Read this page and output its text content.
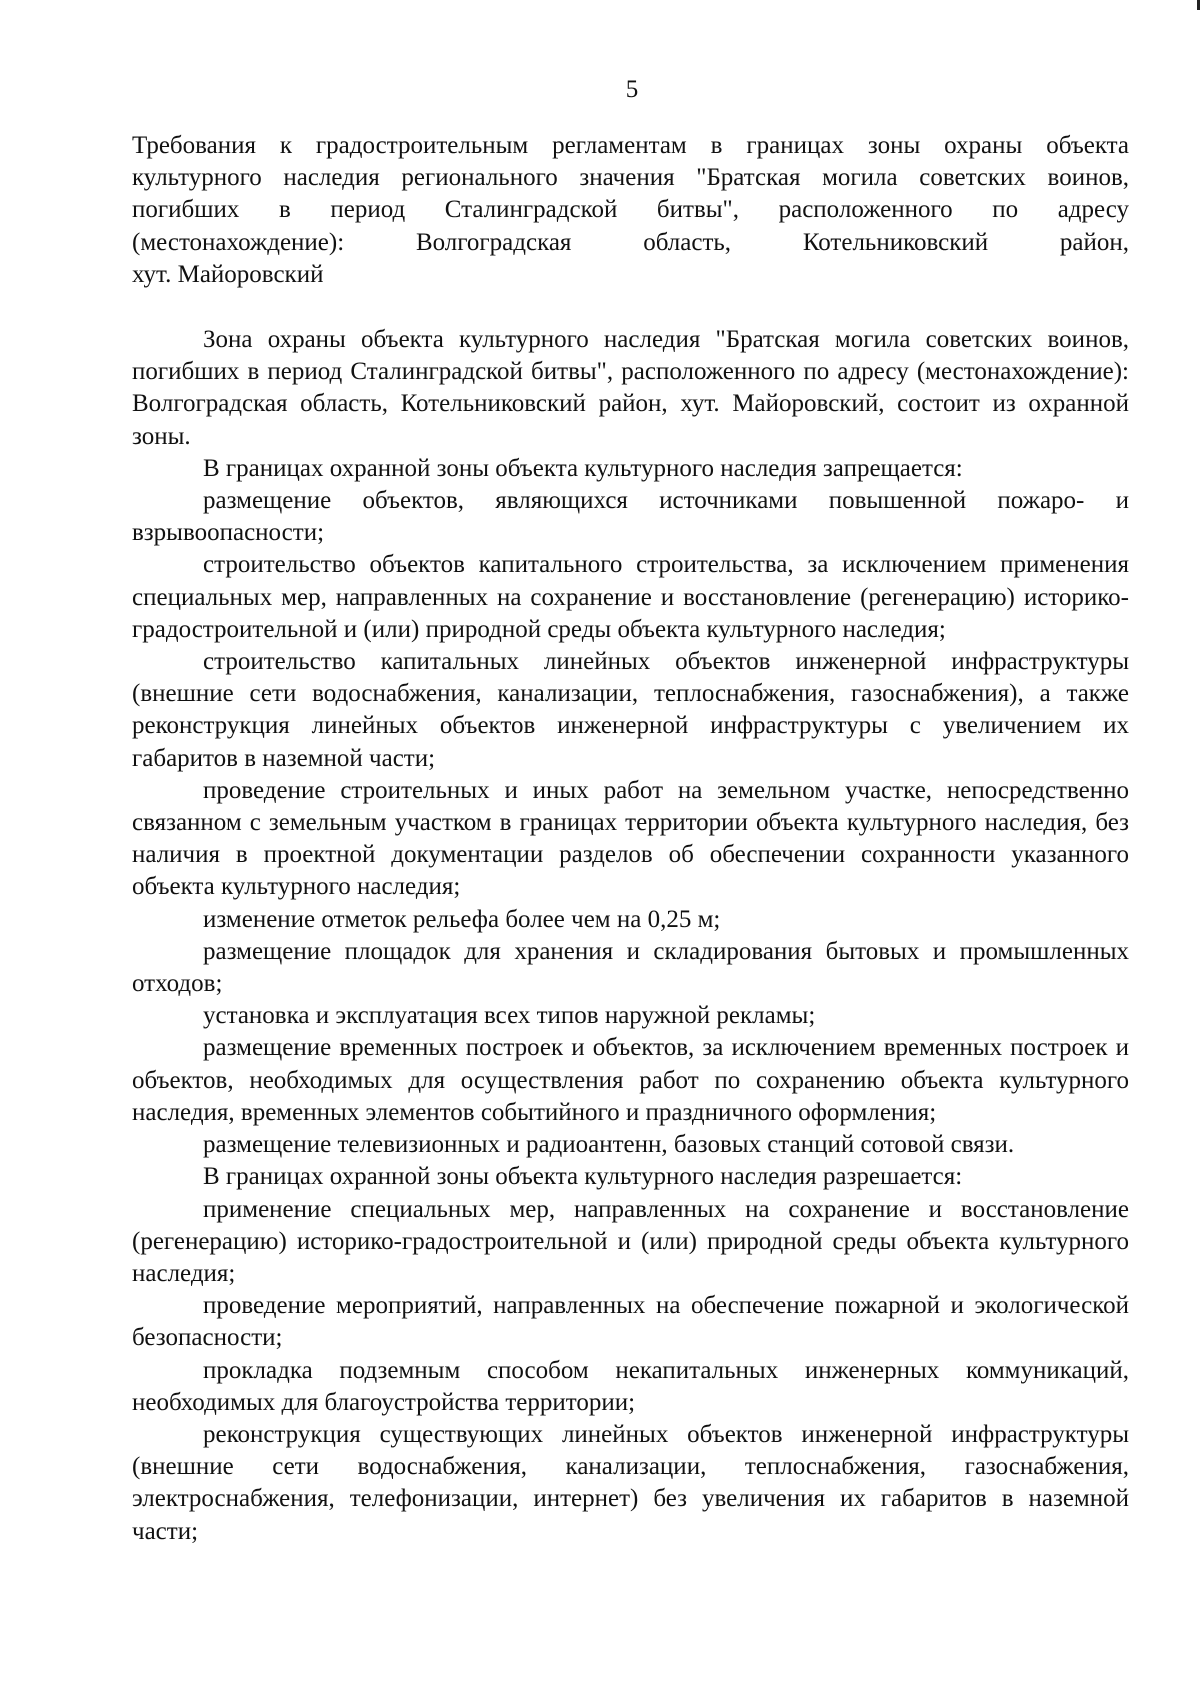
5
Требования к градостроительным регламентам в границах зоны охраны объекта
культурного наследия регионального значения "Братская могила советских воинов,
погибших в период Сталинградской битвы", расположенного по адресу
(местонахождение): Волгоградская область, Котельниковский район,
хут. Майоровский

Зона охраны объекта культурного наследия "Братская могила советских воинов, погибших в период Сталинградской битвы", расположенного по адресу (местонахождение): Волгоградская область, Котельниковский район, хут. Майоровский, состоит из охранной зоны.

В границах охранной зоны объекта культурного наследия запрещается:

размещение объектов, являющихся источниками повышенной пожаро- и взрывоопасности;

строительство объектов капитального строительства, за исключением применения специальных мер, направленных на сохранение и восстановление (регенерацию) историко-градостроительной и (или) природной среды объекта культурного наследия;

строительство капитальных линейных объектов инженерной инфраструктуры (внешние сети водоснабжения, канализации, теплоснабжения, газоснабжения), а также реконструкция линейных объектов инженерной инфраструктуры с увеличением их габаритов в наземной части;

проведение строительных и иных работ на земельном участке, непосредственно связанном с земельным участком в границах территории объекта культурного наследия, без наличия в проектной документации разделов об обеспечении сохранности указанного объекта культурного наследия;

изменение отметок рельефа более чем на 0,25 м;

размещение площадок для хранения и складирования бытовых и промышленных отходов;

установка и эксплуатация всех типов наружной рекламы;

размещение временных построек и объектов, за исключением временных построек и объектов, необходимых для осуществления работ по сохранению объекта культурного наследия, временных элементов событийного и праздничного оформления;

размещение телевизионных и радиоантенн, базовых станций сотовой связи.

В границах охранной зоны объекта культурного наследия разрешается:

применение специальных мер, направленных на сохранение и восстановление (регенерацию) историко-градостроительной и (или) природной среды объекта культурного наследия;

проведение мероприятий, направленных на обеспечение пожарной и экологической безопасности;

прокладка подземным способом некапитальных инженерных коммуникаций, необходимых для благоустройства территории;

реконструкция существующих линейных объектов инженерной инфраструктуры (внешние сети водоснабжения, канализации, теплоснабжения, газоснабжения, электроснабжения, телефонизации, интернет) без увеличения их габаритов в наземной части;
